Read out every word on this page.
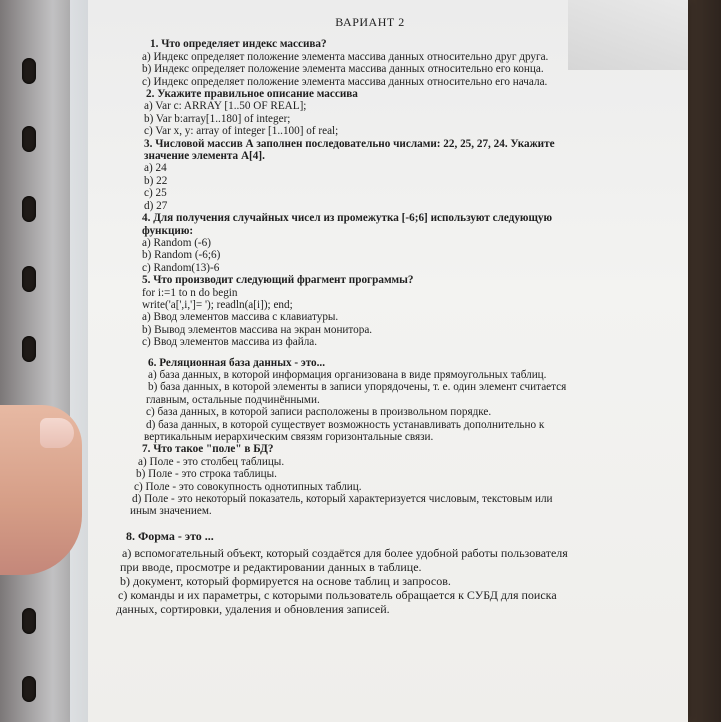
ВАРИАНТ 2
1. Что определяет индекс массива?
a) Индекс определяет положение элемента массива данных относительно друг друга.
b) Индекс определяет положение элемента массива данных относительно его конца.
c) Индекс определяет положение элемента массива данных относительно его начала.
2. Укажите правильное описание массива
a) Var c: ARRAY [1..50 OF REAL];
b) Var b:array[1..180] of integer;
c) Var x, y: array of integer [1..100] of real;
3. Числовой массив А заполнен последовательно числами: 22, 25, 27, 24. Укажите
значение элемента А[4].
a) 24
b) 22
c) 25
d) 27
4. Для получения случайных чисел из промежутка [-6;6] используют следующую
функцию:
a) Random (-6)
b) Random (-6;6)
c) Random(13)-6
5. Что производит следующий фрагмент программы?
for i:=1 to n do begin
write('a[',i,']= '); readln(a[i]); end;
a) Ввод элементов массива с клавиатуры.
b) Вывод элементов массива на экран монитора.
c) Ввод элементов массива из файла.
6. Реляционная база данных - это...
a) база данных, в которой информация организована в виде прямоугольных таблиц.
b) база данных, в которой элементы в записи упорядочены, т. е. один элемент считается
главным, остальные подчинёнными.
c) база данных, в которой записи расположены в произвольном порядке.
d) база данных, в которой существует возможность устанавливать дополнительно к
вертикальным иерархическим связям горизонтальные связи.
7. Что такое "поле" в БД?
a) Поле - это столбец таблицы.
b) Поле - это строка таблицы.
c) Поле - это совокупность однотипных таблиц.
d) Поле - это некоторый показатель, который характеризуется числовым, текстовым или
иным значением.
8. Форма - это ...
a) вспомогательный объект, который создаётся для более удобной работы пользователя
при вводе, просмотре и редактировании данных в таблице.
b) документ, который формируется на основе таблиц и запросов.
c) команды и их параметры, с которыми пользователь обращается к СУБД для поиска
данных, сортировки, удаления и обновления записей.
